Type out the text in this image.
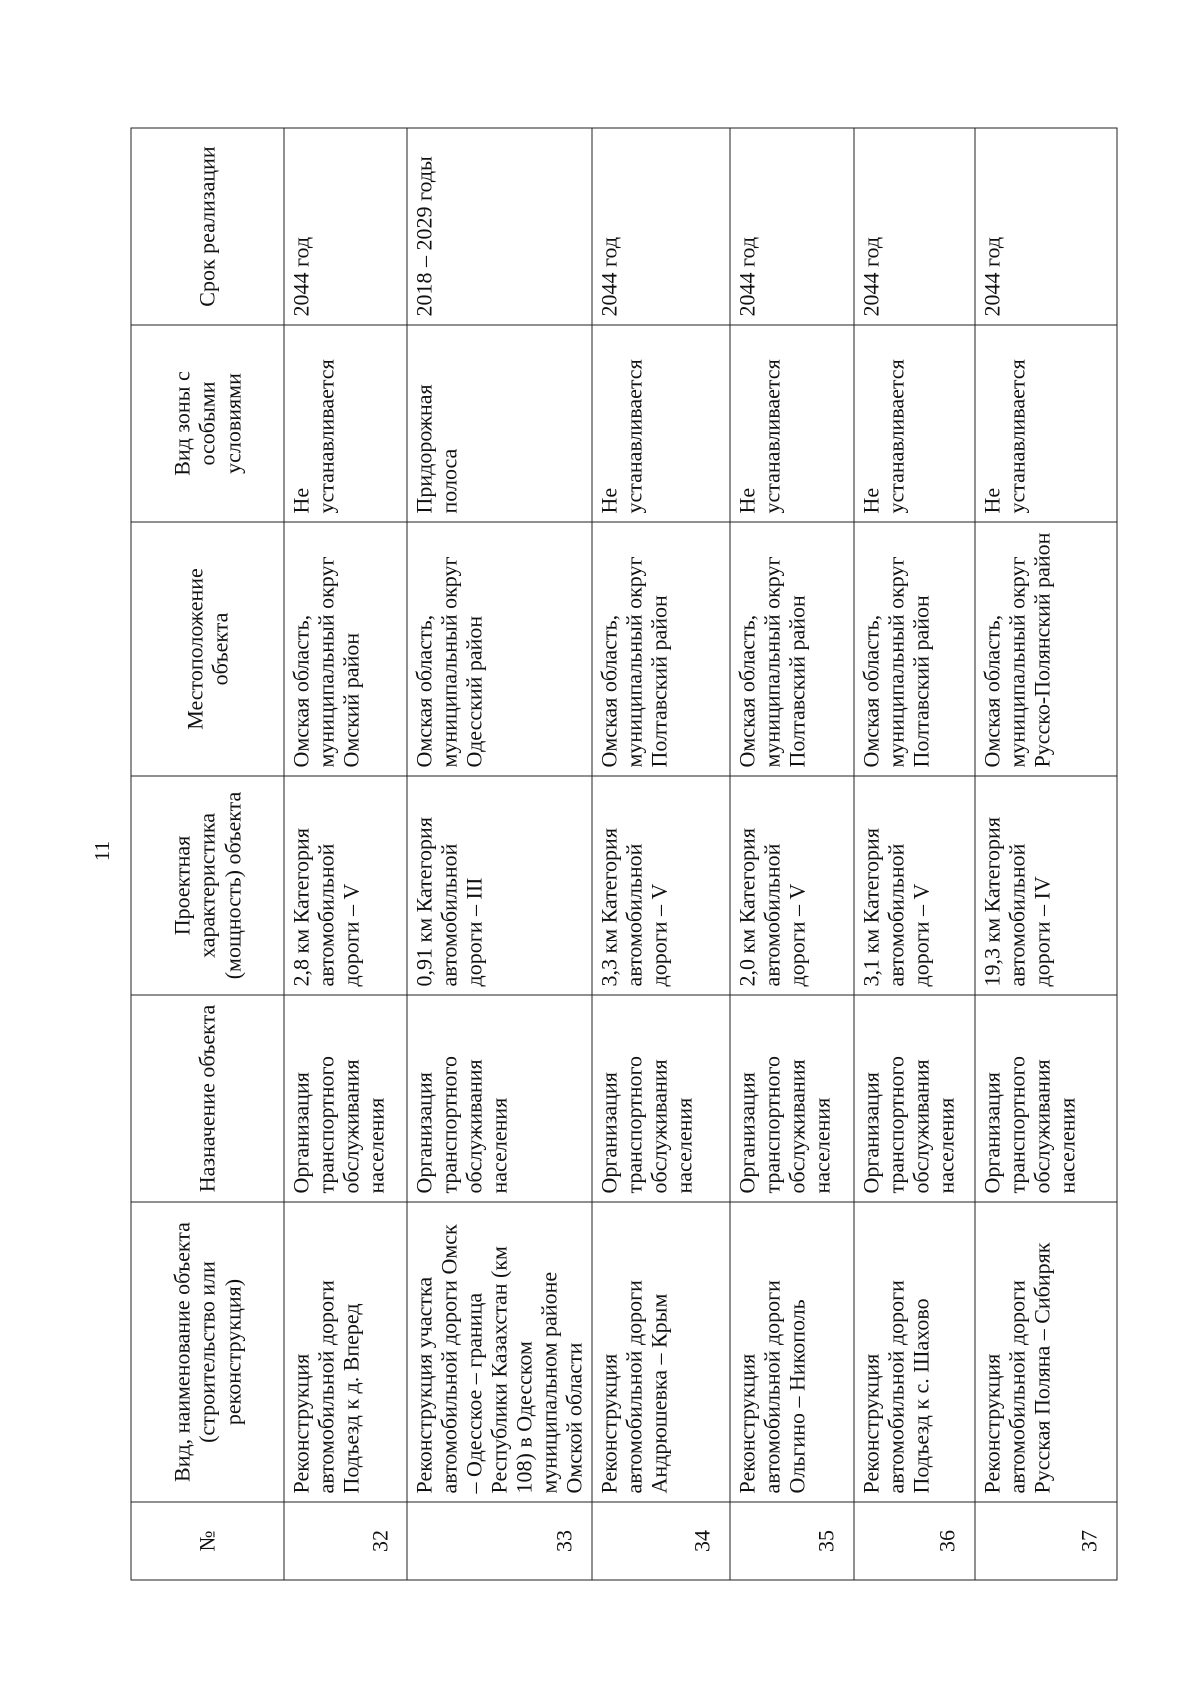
11
№	Вид, наименование объекта (строительство или реконструкция)	Назначение объекта	Проектная характеристика (мощность) объекта	Местоположение объекта	Вид зоны с особыми условиями	Срок реализации
32	Реконструкция автомобильной дороги Подъезд к д. Вперед	Организация транспортного обслуживания населения	2,8 км Категория автомобильной дороги – V	Омская область, муниципальный округ Омский район	Не устанавливается	2044 год
33	Реконструкция участка автомобильной дороги Омск – Одесское – граница Республики Казахстан (км 108) в Одесском муниципальном районе Омской области	Организация транспортного обслуживания населения	0,91 км Категория автомобильной дороги – III	Омская область, муниципальный округ Одесский район	Придорожная полоса	2018 – 2029 годы
34	Реконструкция автомобильной дороги Андрюшевка – Крым	Организация транспортного обслуживания населения	3,3 км Категория автомобильной дороги – V	Омская область, муниципальный округ Полтавский район	Не устанавливается	2044 год
35	Реконструкция автомобильной дороги Ольгино – Никополь	Организация транспортного обслуживания населения	2,0 км Категория автомобильной дороги – V	Омская область, муниципальный округ Полтавский район	Не устанавливается	2044 год
36	Реконструкция автомобильной дороги Подъезд к с. Шахово	Организация транспортного обслуживания населения	3,1 км Категория автомобильной дороги – V	Омская область, муниципальный округ Полтавский район	Не устанавливается	2044 год
37	Реконструкция автомобильной дороги Русская Поляна – Сибиряк	Организация транспортного обслуживания населения	19,3 км Категория автомобильной дороги – IV	Омская область, муниципальный округ Русско-Полянский район	Не устанавливается	2044 год
